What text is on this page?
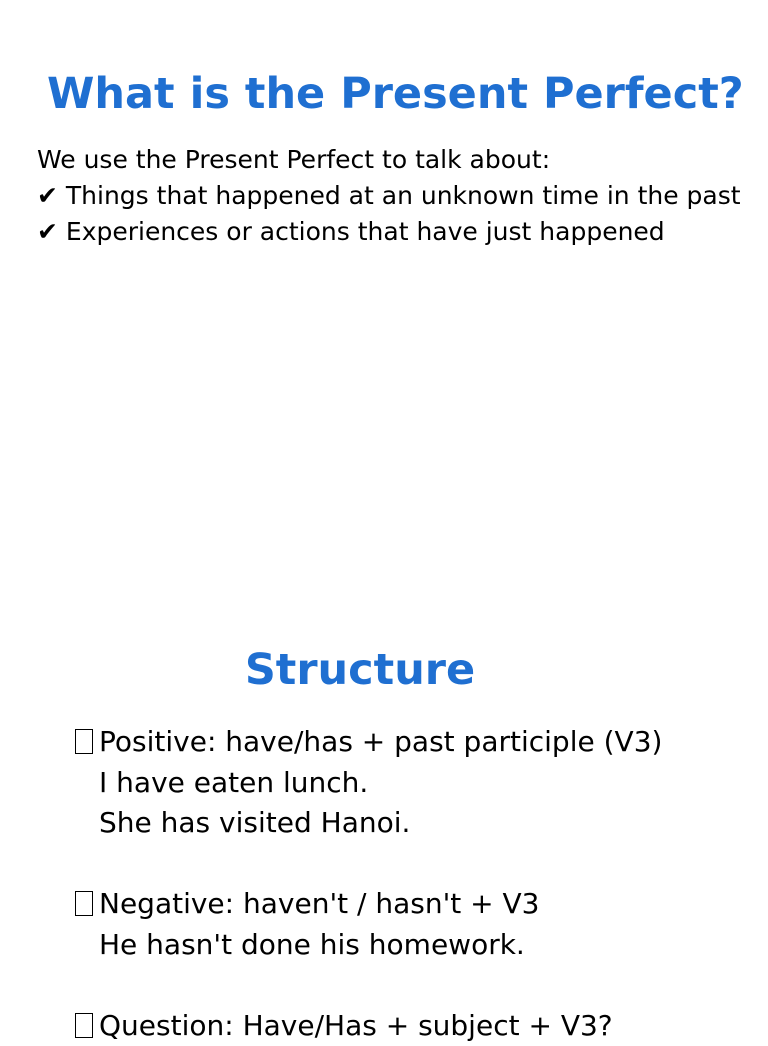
What is the Present Perfect?
We use the Present Perfect to talk about:
✔ Things that happened at an unknown time in the past
✔ Experiences or actions that have just happened
Structure
Positive: have/has + past participle (V3)
I have eaten lunch.
She has visited Hanoi.
Negative: haven't / hasn't + V3
He hasn't done his homework.
Question: Have/Has + subject + V3?
